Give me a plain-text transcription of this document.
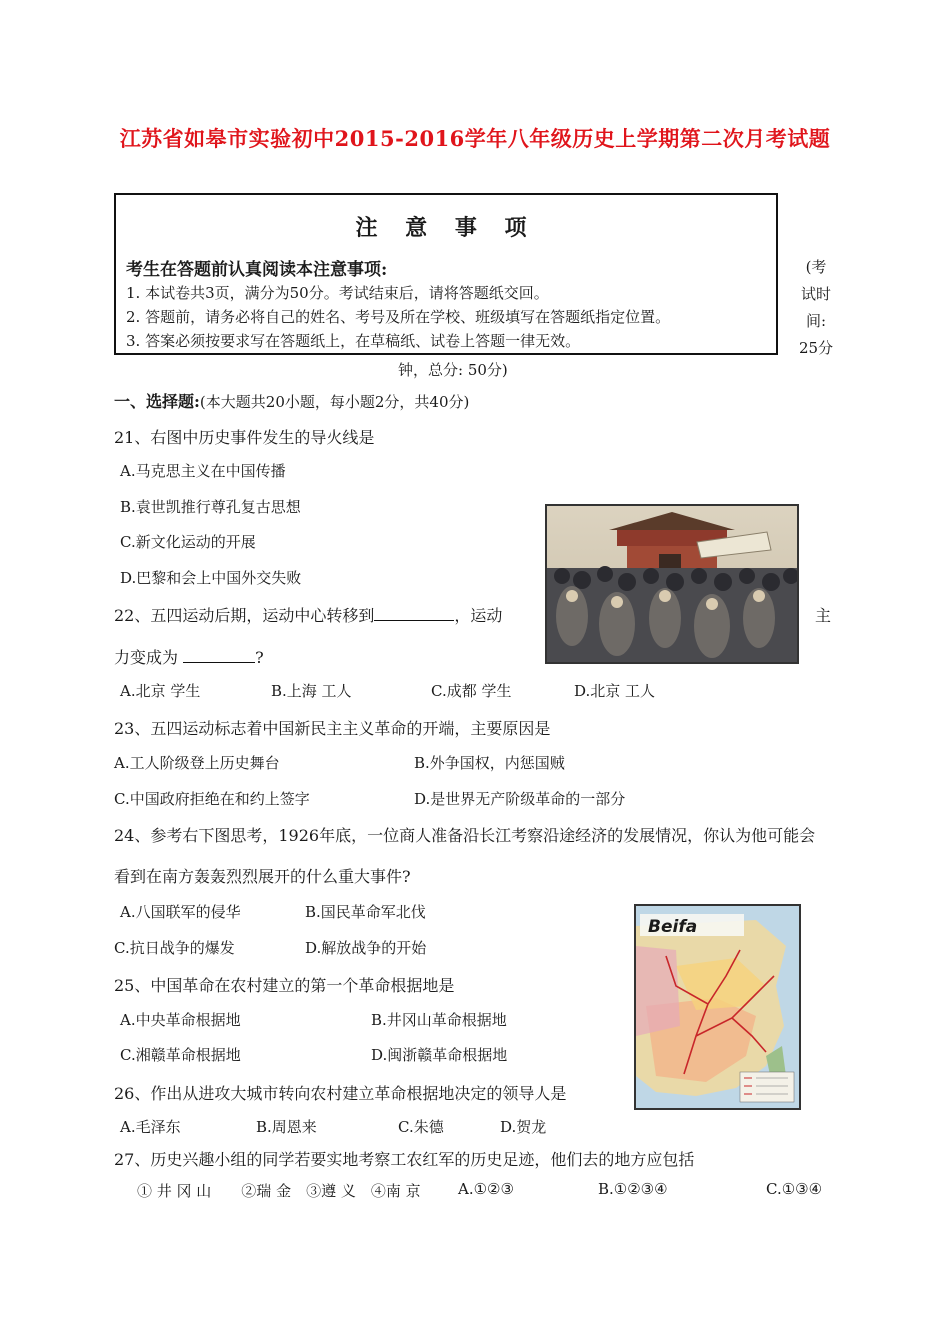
江苏省如皋市实验初中2015-2016学年八年级历史上学期第二次月考试题
注 意 事 项
考生在答题前认真阅读本注意事项:
1. 本试卷共3页，满分为50分。考试结束后，请将答题纸交回。
2. 答题前，请务必将自己的姓名、考号及所在学校、班级填写在答题纸指定位置。
3. 答案必须按要求写在答题纸上，在草稿纸、试卷上答题一律无效。
(考
试时
间:
25分
钟，总分: 50分)
一、选择题:(本大题共20小题，每小题2分，共40分)
21、右图中历史事件发生的导火线是
A.马克思主义在中国传播
B.袁世凯推行尊孔复古思想
C.新文化运动的开展
D.巴黎和会上中国外交失败
22、五四运动后期，运动中心转移到	，运动	主
力变成为	?
A.北京 学生	B.上海 工人	C.成都 学生	D.北京 工人
23、五四运动标志着中国新民主主义革命的开端，主要原因是
A.工人阶级登上历史舞台	B.外争国权，内惩国贼
C.中国政府拒绝在和约上签字	D.是世界无产阶级革命的一部分
24、参考右下图思考，1926年底，一位商人准备沿长江考察沿途经济的发展情况，你认为他可能会
看到在南方轰轰烈烈展开的什么重大事件?
A.八国联军的侵华	B.国民革命军北伐
C.抗日战争的爆发	D.解放战争的开始
Beifa
25、中国革命在农村建立的第一个革命根据地是
A.中央革命根据地	B.井冈山革命根据地
C.湘赣革命根据地	D.闽浙赣革命根据地
26、作出从进攻大城市转向农村建立革命根据地决定的领导人是
A.毛泽东	B.周恩来	C.朱德	D.贺龙
27、历史兴趣小组的同学若要实地考察工农红军的历史足迹，他们去的地方应包括
① 井 冈 山　　②瑞 金　③遵 义　④南 京 A.①②③	B.①②③④	C.①③④
